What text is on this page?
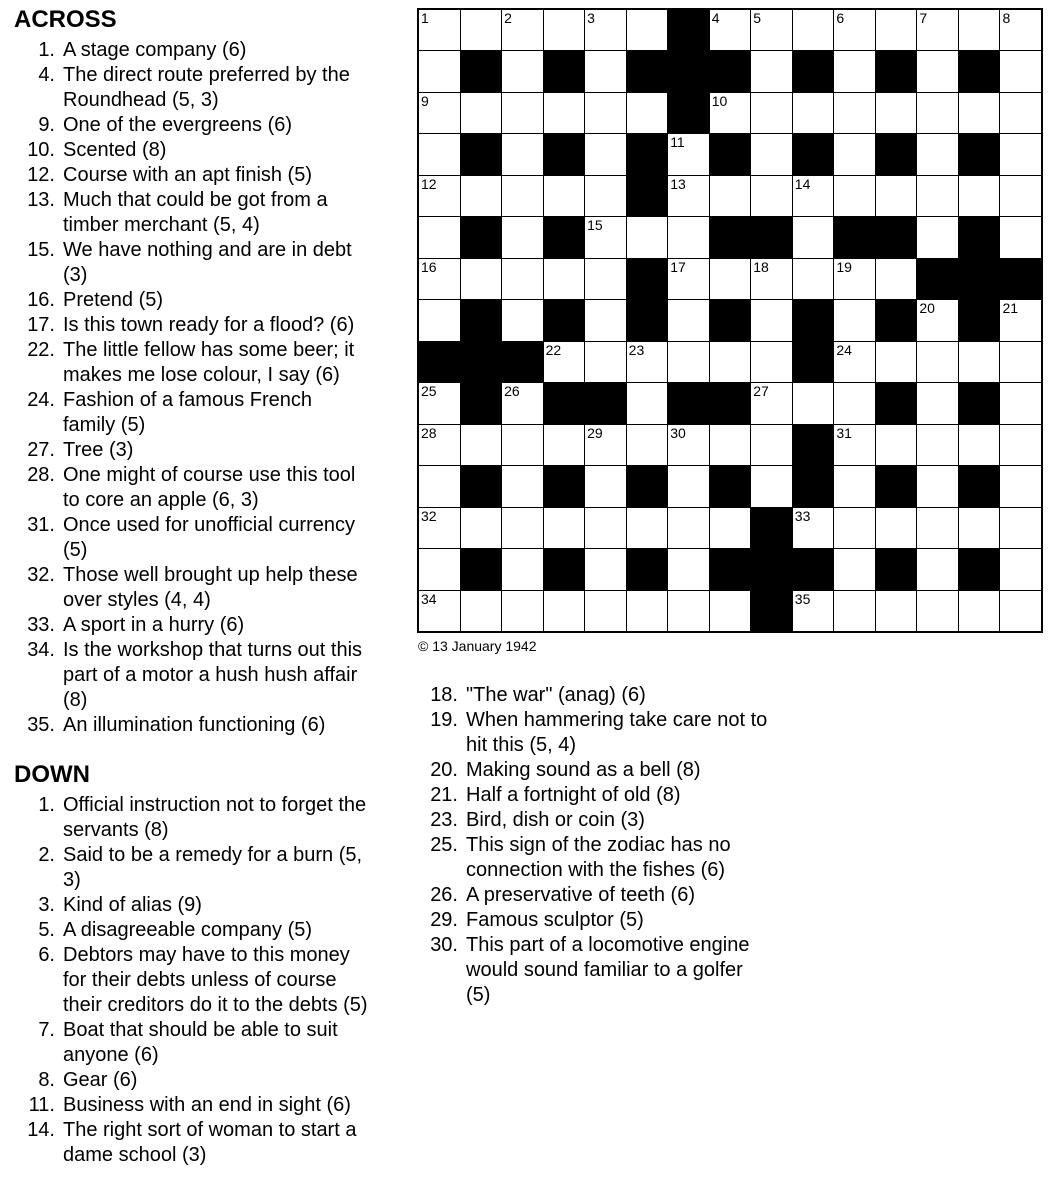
ACROSS
1. A stage company (6)
4. The direct route preferred by the
Roundhead (5, 3)
9. One of the evergreens (6)
10. Scented (8)
12. Course with an apt finish (5)
13. Much that could be got from a
timber merchant (5, 4)
15. We have nothing and are in debt
(3)
16. Pretend (5)
17. Is this town ready for a flood? (6)
22. The little fellow has some beer; it
makes me lose colour, I say (6)
24. Fashion of a famous French
family (5)
27. Tree (3)
28. One might of course use this tool
to core an apple (6, 3)
31. Once used for unofficial currency
(5)
32. Those well brought up help these
over styles (4, 4)
33. A sport in a hurry (6)
34. Is the workshop that turns out this
part of a motor a hush hush affair
(8)
35. An illumination functioning (6)
DOWN
1. Official instruction not to forget the
servants (8)
2. Said to be a remedy for a burn (5,
3)
3. Kind of alias (9)
5. A disagreeable company (5)
6. Debtors may have to this money
for their debts unless of course
their creditors do it to the debts (5)
7. Boat that should be able to suit
anyone (6)
8. Gear (6)
11. Business with an end in sight (6)
14. The right sort of woman to start a
dame school (3)
1	2	3	4 5	6	7	8
9	10
11
12	13	14
15
16	17	18	19
20	21
22	23	24
25	26	27
28	29	30	31
32	33
34	35
© 13 January 1942
18. "The war" (anag) (6)
19. When hammering take care not to
hit this (5, 4)
20. Making sound as a bell (8)
21. Half a fortnight of old (8)
23. Bird, dish or coin (3)
25. This sign of the zodiac has no
connection with the fishes (6)
26. A preservative of teeth (6)
29. Famous sculptor (5)
30. This part of a locomotive engine
would sound familiar to a golfer
(5)
